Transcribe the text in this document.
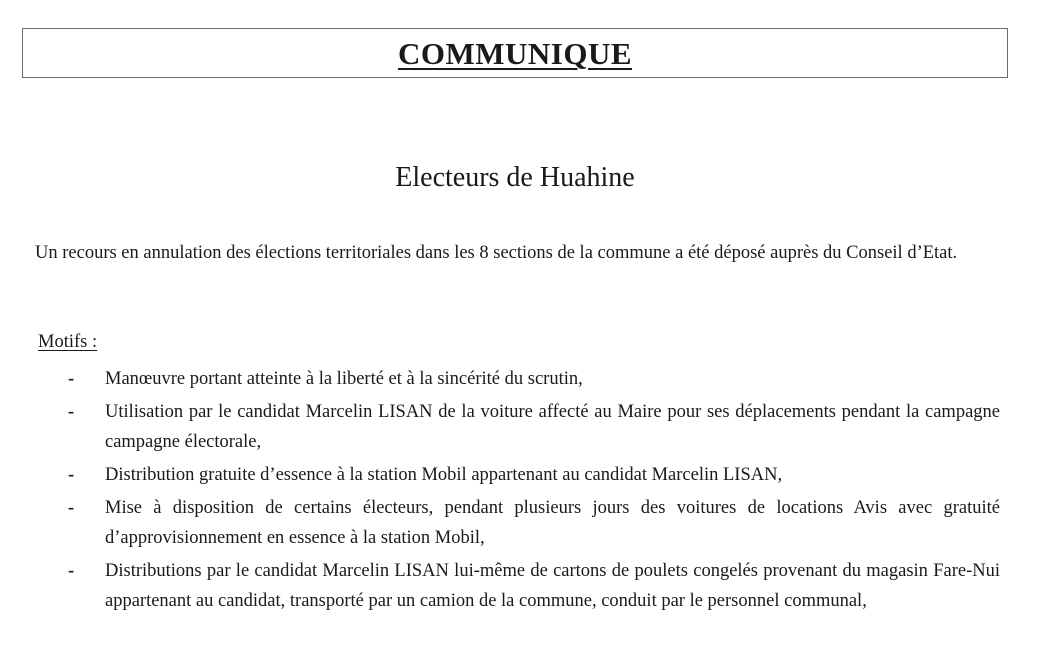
COMMUNIQUE
Electeurs de Huahine

Un recours en annulation des élections territoriales dans les 8 sections de la commune a été déposé auprès du Conseil d’Etat.

Motifs :
- Manœuvre portant atteinte à la liberté et à la sincérité du scrutin,
- Utilisation par le candidat Marcelin LISAN de la voiture affecté au Maire pour ses déplacements pendant la campagne campagne électorale,
- Distribution gratuite d’essence à la station Mobil appartenant au candidat Marcelin LISAN,
- Mise à disposition de certains électeurs, pendant plusieurs jours des voitures de locations Avis avec gratuité d’approvisionnement en essence à la station Mobil,
- Distributions par le candidat Marcelin LISAN lui-même de cartons de poulets congelés provenant du magasin Fare-Nui appartenant au candidat, transporté par un camion de la commune, conduit par le personnel communal,
